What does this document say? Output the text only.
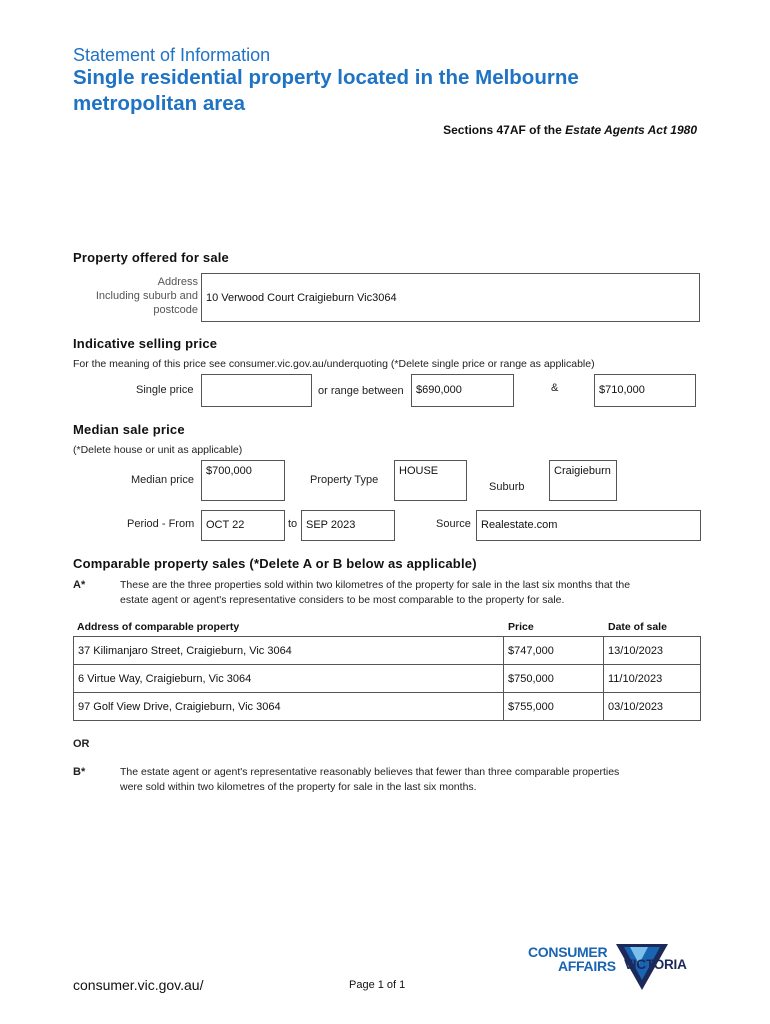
Statement of Information
Single residential property located in the Melbourne
metropolitan area
Sections 47AF of the Estate Agents Act 1980
Property offered for sale
Address
Including suburb and
postcode
10 Verwood Court Craigieburn Vic3064
Indicative selling price
For the meaning of this price see consumer.vic.gov.au/underquoting (*Delete single price or range as applicable)
Single price	or range between	$690,000	&	$710,000
Median sale price
(*Delete house or unit as applicable)
Median price
$700,000
Property Type
HOUSE
Suburb
Craigieburn
Period - From	OCT 22	to SEP 2023	Source Realestate.com
Comparable property sales (*Delete A or B below as applicable)
A*	These are the three properties sold within two kilometres of the property for sale in the last six months that the
estate agent or agent's representative considers to be most comparable to the property for sale.
Address of comparable property	Price	Date of sale
37 Kilimanjaro Street, Craigieburn, Vic 3064	$747,000	13/10/2023
6 Virtue Way, Craigieburn, Vic 3064	$750,000	11/10/2023
97 Golf View Drive, Craigieburn, Vic 3064	$755,000	03/10/2023
OR
B*	The estate agent or agent's representative reasonably believes that fewer than three comparable properties
were sold within two kilometres of the property for sale in the last six months.
consumer.vic.gov.au/	Page 1 of 1
CONSUMER
AFFAIRS VICTORIA
